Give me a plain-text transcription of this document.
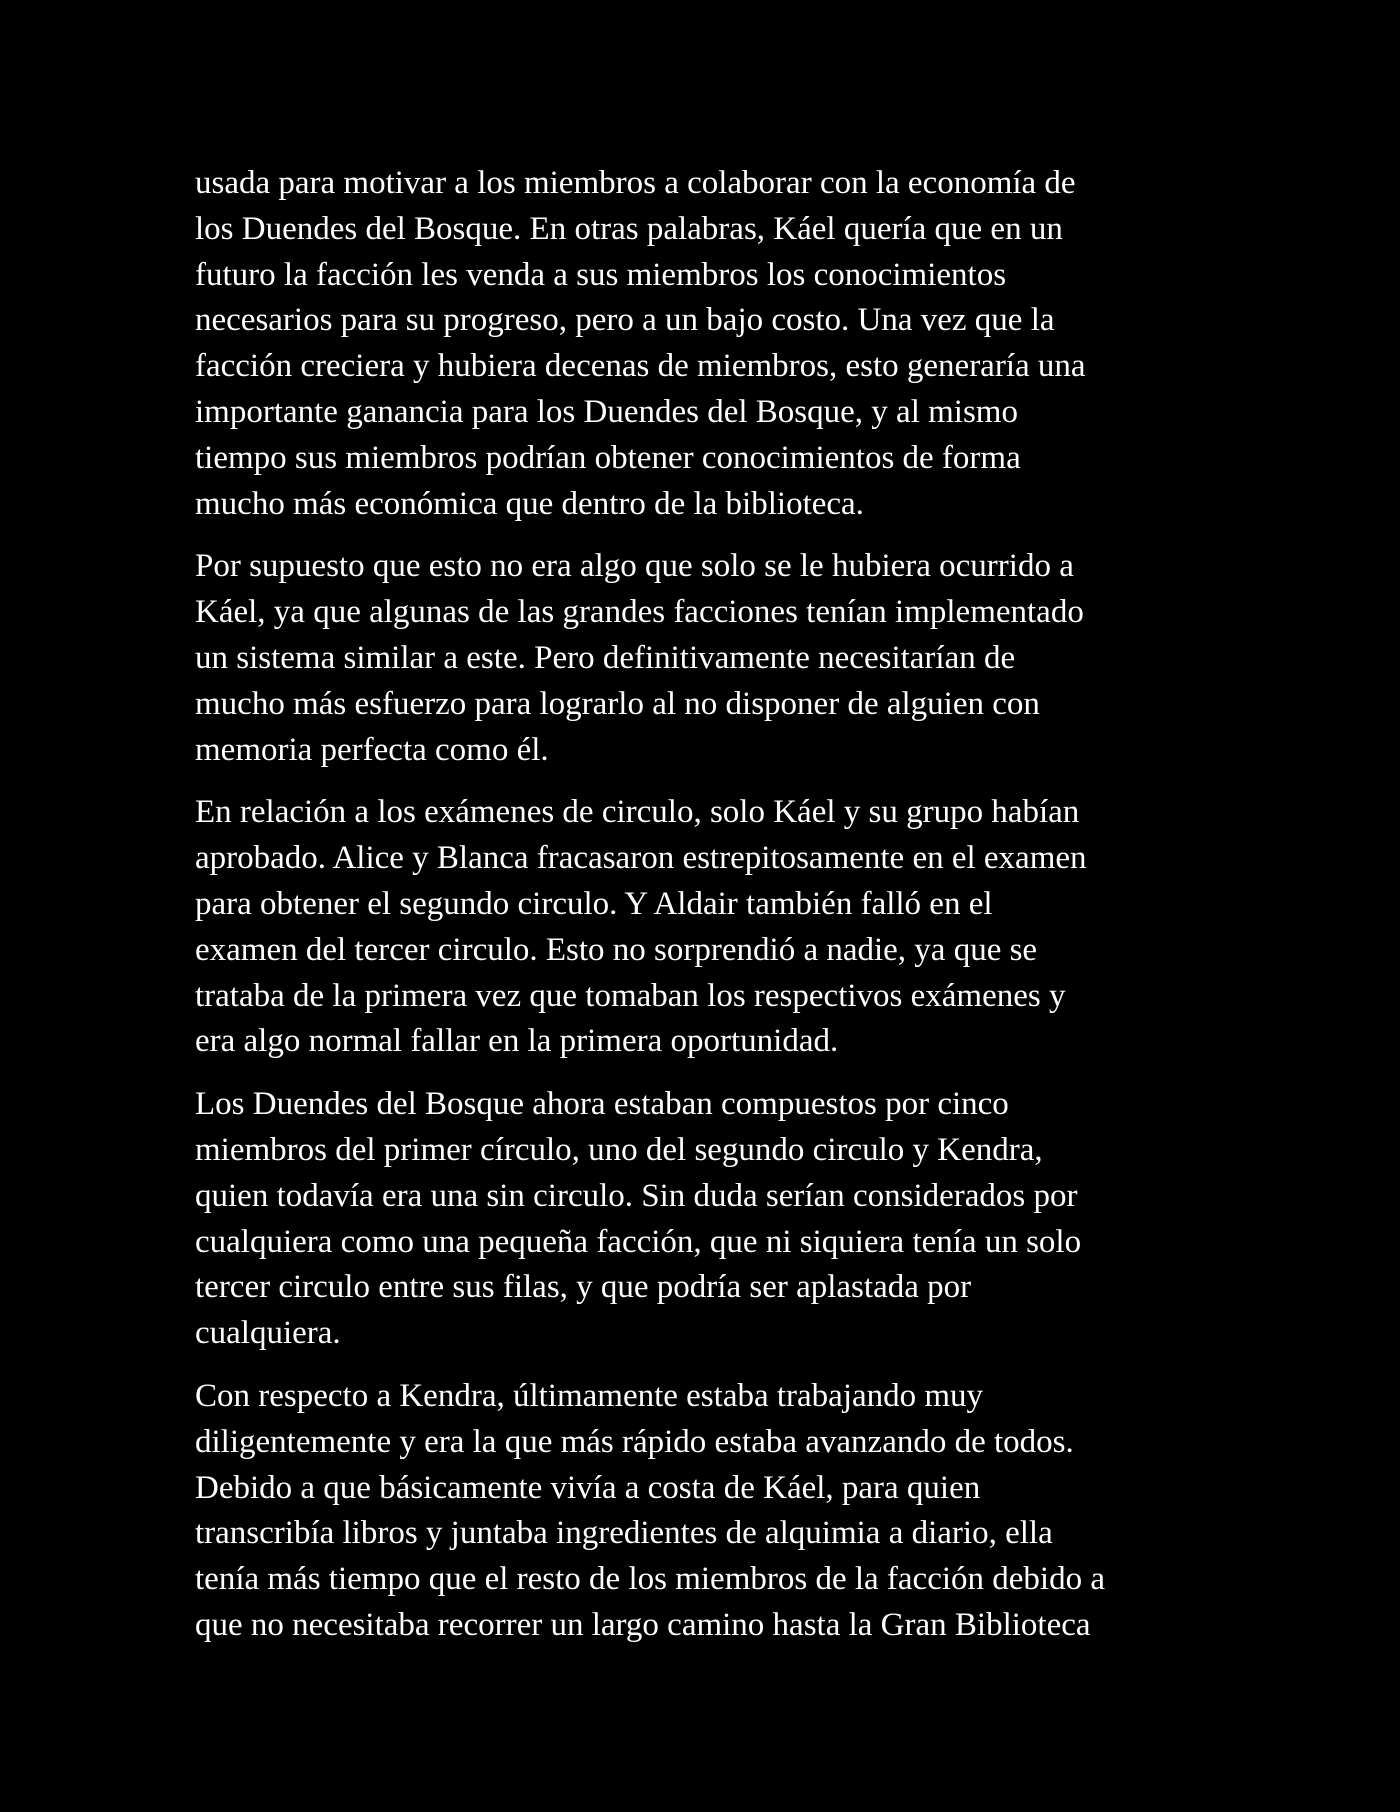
usada para motivar a los miembros a colaborar con la economía de
los Duendes del Bosque. En otras palabras, Káel quería que en un
futuro la facción les venda a sus miembros los conocimientos
necesarios para su progreso, pero a un bajo costo. Una vez que la
facción creciera y hubiera decenas de miembros, esto generaría una
importante ganancia para los Duendes del Bosque, y al mismo
tiempo sus miembros podrían obtener conocimientos de forma
mucho más económica que dentro de la biblioteca.

Por supuesto que esto no era algo que solo se le hubiera ocurrido a
Káel, ya que algunas de las grandes facciones tenían implementado
un sistema similar a este. Pero definitivamente necesitarían de
mucho más esfuerzo para lograrlo al no disponer de alguien con
memoria perfecta como él.

En relación a los exámenes de circulo, solo Káel y su grupo habían
aprobado. Alice y Blanca fracasaron estrepitosamente en el examen
para obtener el segundo circulo. Y Aldair también falló en el
examen del tercer circulo. Esto no sorprendió a nadie, ya que se
trataba de la primera vez que tomaban los respectivos exámenes y
era algo normal fallar en la primera oportunidad.

Los Duendes del Bosque ahora estaban compuestos por cinco
miembros del primer círculo, uno del segundo circulo y Kendra,
quien todavía era una sin circulo. Sin duda serían considerados por
cualquiera como una pequeña facción, que ni siquiera tenía un solo
tercer circulo entre sus filas, y que podría ser aplastada por
cualquiera.

Con respecto a Kendra, últimamente estaba trabajando muy
diligentemente y era la que más rápido estaba avanzando de todos.
Debido a que básicamente vivía a costa de Káel, para quien
transcribía libros y juntaba ingredientes de alquimia a diario, ella
tenía más tiempo que el resto de los miembros de la facción debido a
que no necesitaba recorrer un largo camino hasta la Gran Biblioteca
